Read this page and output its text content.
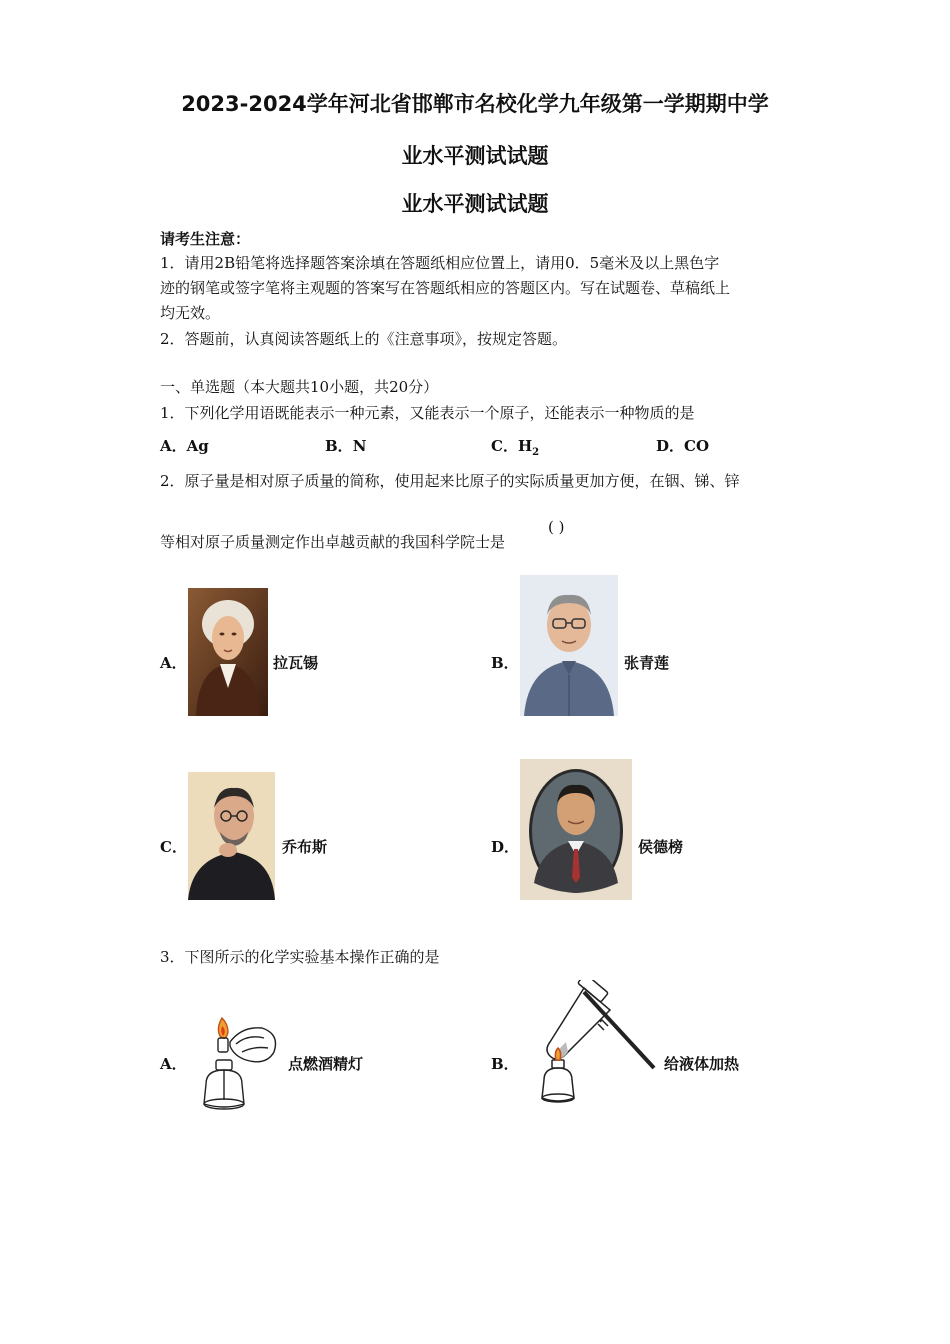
2023-2024学年河北省邯郸市名校化学九年级第一学期期中学
业水平测试试题
业水平测试试题
请考生注意：
1．请用2B铅笔将选择题答案涂填在答题纸相应位置上，请用0．5毫米及以上黑色字
迹的钢笔或签字笔将主观题的答案写在答题纸相应的答题区内。写在试题卷、草稿纸上
均无效。
2．答题前，认真阅读答题纸上的《注意事项》，按规定答题。
一、单选题（本大题共10小题，共20分）
1．下列化学用语既能表示一种元素，又能表示一个原子，还能表示一种物质的是
A．Ag	B．N	C．$H_2$	D．CO
2．原子量是相对原子质量的简称，使用起来比原子的实际质量更加方便，在铟、锑、锌
等相对原子质量测定作出卓越贡献的我国科学院士是
( )
A．	拉瓦锡	B．	张青莲
C．	乔布斯	D．	侯德榜
3．下图所示的化学实验基本操作正确的是
A．	点燃酒精灯	B．	给液体加热
